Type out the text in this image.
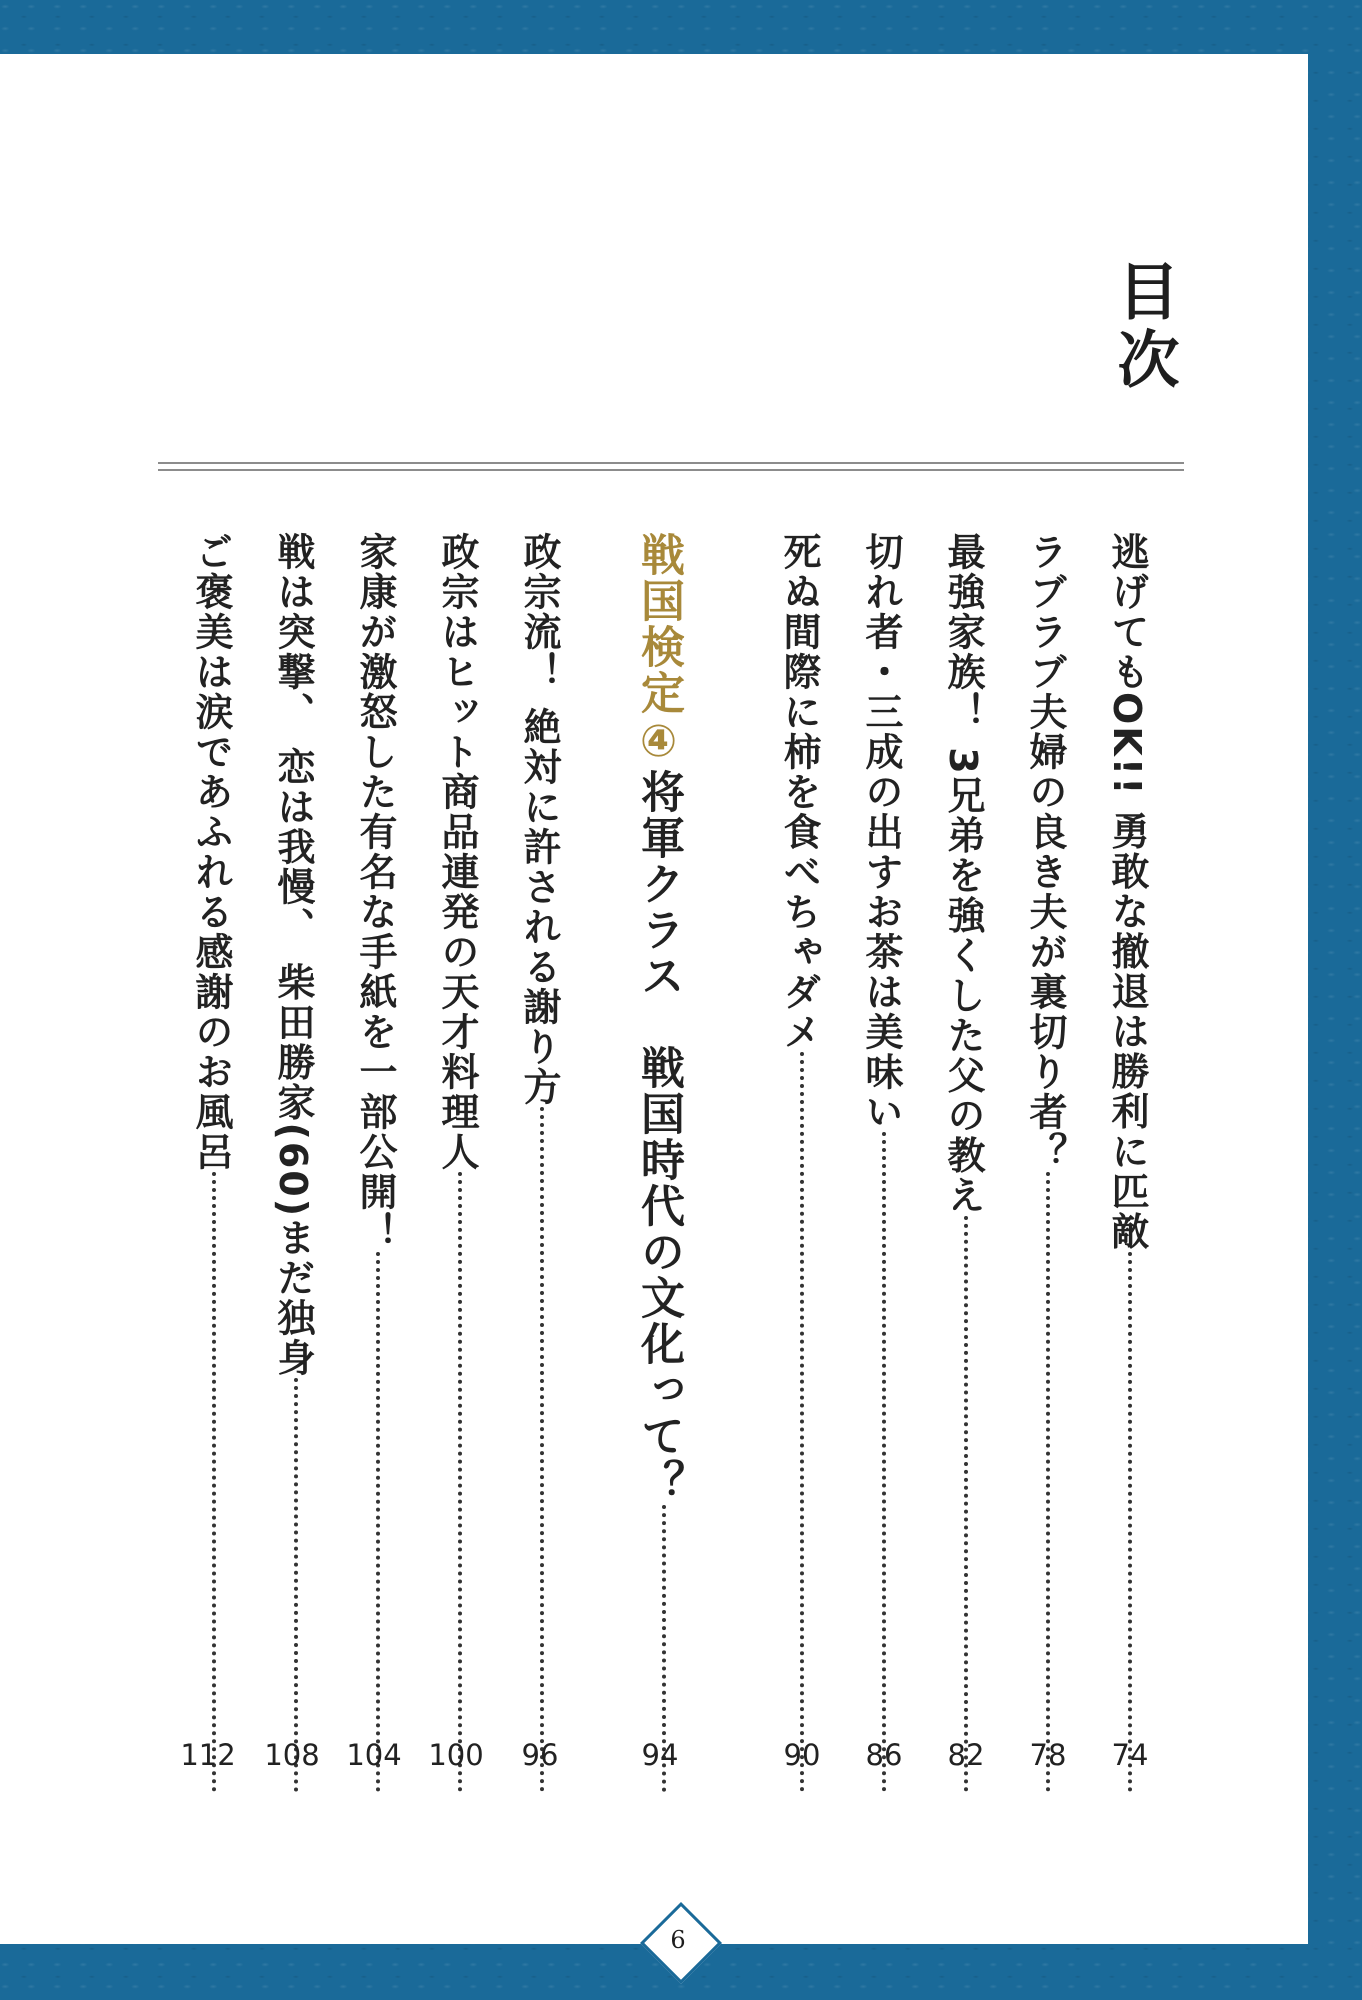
目次
逃げてもOK!! 勇敢な撤退は勝利に匹敵
ラブラブ夫婦の良き夫が裏切り者？
最強家族！ 3兄弟を強くした父の教え
切れ者・三成の出すお茶は美味い
死ぬ間際に柿を食べちゃダメ
戦国検定④将軍クラス　戦国時代の文化って？
政宗流！ 絶対に許される謝り方
政宗はヒット商品連発の天才料理人
家康が激怒した有名な手紙を一部公開！
戦は突撃、 恋は我慢、 柴田勝家(60)まだ独身
ご褒美は涙であふれる感謝のお風呂
74
78
82
86
90
94
96
100
104
108
112
6
